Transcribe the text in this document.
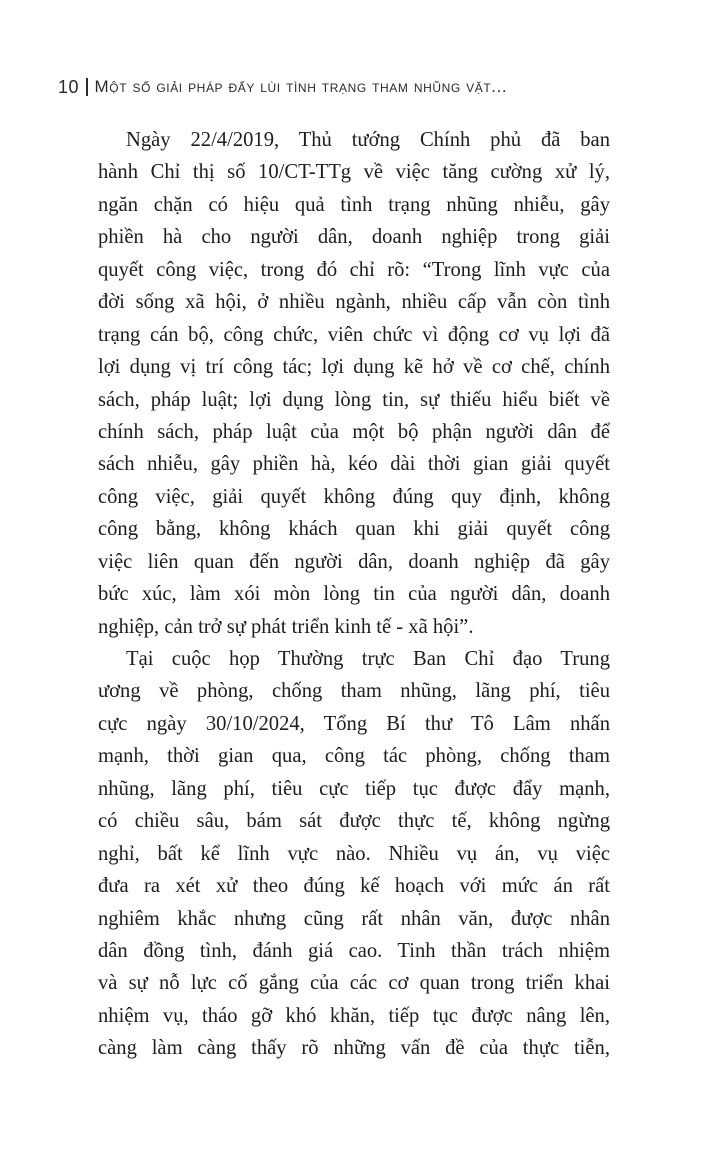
10 Một số giải pháp đẩy lùi tình trạng tham nhũng vặt...
Ngày 22/4/2019, Thủ tướng Chính phủ đã ban
hành Chỉ thị số 10/CT-TTg về việc tăng cường xử lý,
ngăn chặn có hiệu quả tình trạng nhũng nhiễu, gây
phiền hà cho người dân, doanh nghiệp trong giải
quyết công việc, trong đó chỉ rõ: “Trong lĩnh vực của
đời sống xã hội, ở nhiều ngành, nhiều cấp vẫn còn tình
trạng cán bộ, công chức, viên chức vì động cơ vụ lợi đã
lợi dụng vị trí công tác; lợi dụng kẽ hở về cơ chế, chính
sách, pháp luật; lợi dụng lòng tin, sự thiếu hiểu biết về
chính sách, pháp luật của một bộ phận người dân để
sách nhiễu, gây phiền hà, kéo dài thời gian giải quyết
công việc, giải quyết không đúng quy định, không
công bằng, không khách quan khi giải quyết công
việc liên quan đến người dân, doanh nghiệp đã gây
bức xúc, làm xói mòn lòng tin của người dân, doanh
nghiệp, cản trở sự phát triển kinh tế - xã hội”.
Tại cuộc họp Thường trực Ban Chỉ đạo Trung
ương về phòng, chống tham nhũng, lãng phí, tiêu
cực ngày 30/10/2024, Tổng Bí thư Tô Lâm nhấn
mạnh, thời gian qua, công tác phòng, chống tham
nhũng, lãng phí, tiêu cực tiếp tục được đẩy mạnh,
có chiều sâu, bám sát được thực tế, không ngừng
nghỉ, bất kể lĩnh vực nào. Nhiều vụ án, vụ việc
đưa ra xét xử theo đúng kế hoạch với mức án rất
nghiêm khắc nhưng cũng rất nhân văn, được nhân
dân đồng tình, đánh giá cao. Tinh thần trách nhiệm
và sự nỗ lực cố gắng của các cơ quan trong triển khai
nhiệm vụ, tháo gỡ khó khăn, tiếp tục được nâng lên,
càng làm càng thấy rõ những vấn đề của thực tiễn,
